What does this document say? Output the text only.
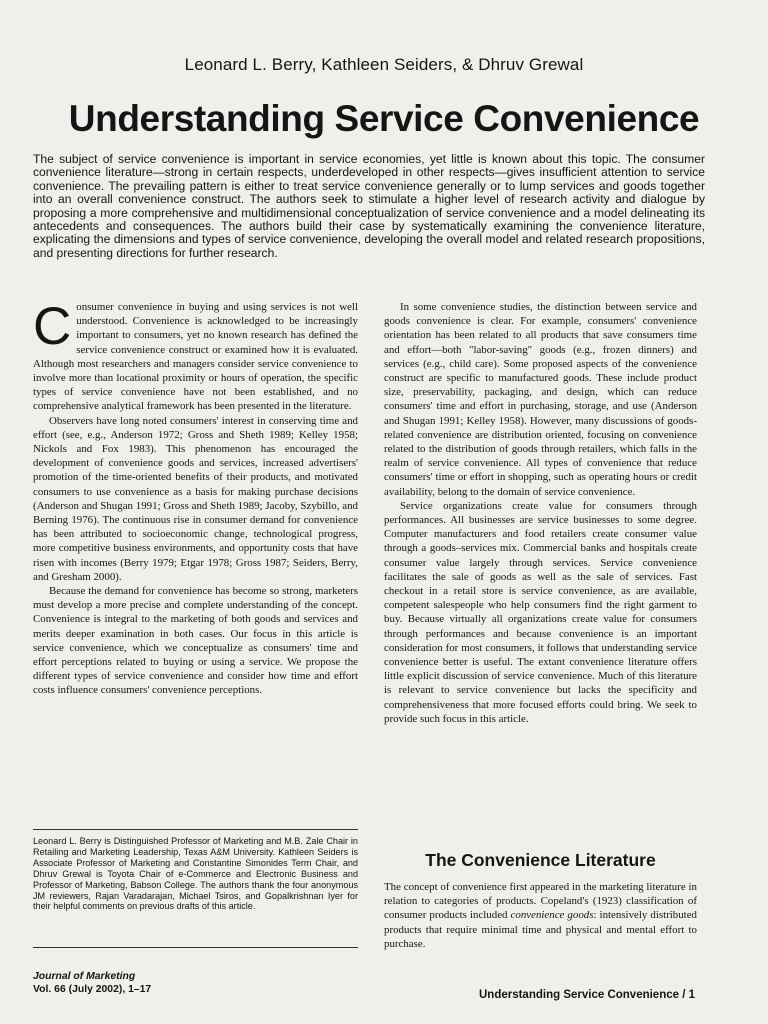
Leonard L. Berry, Kathleen Seiders, & Dhruv Grewal
Understanding Service Convenience
The subject of service convenience is important in service economies, yet little is known about this topic. The consumer convenience literature—strong in certain respects, underdeveloped in other respects—gives insufficient attention to service convenience. The prevailing pattern is either to treat service convenience generally or to lump services and goods together into an overall convenience construct. The authors seek to stimulate a higher level of research activity and dialogue by proposing a more comprehensive and multidimensional conceptualization of service convenience and a model delineating its antecedents and consequences. The authors build their case by systematically examining the convenience literature, explicating the dimensions and types of service convenience, developing the overall model and related research propositions, and presenting directions for further research.

Consumer convenience in buying and using services is not well understood. Convenience is acknowledged to be increasingly important to consumers, yet no known research has defined the service convenience construct or examined how it is evaluated. Although most researchers and managers consider service convenience to involve more than locational proximity or hours of operation, the specific types of service convenience have not been established, and no comprehensive analytical framework has been presented in the literature.

Observers have long noted consumers' interest in conserving time and effort (see, e.g., Anderson 1972; Gross and Sheth 1989; Kelley 1958; Nickols and Fox 1983). This phenomenon has encouraged the development of convenience goods and services, increased advertisers' promotion of the time-oriented benefits of their products, and motivated consumers to use convenience as a basis for making purchase decisions (Anderson and Shugan 1991; Gross and Sheth 1989; Jacoby, Szybillo, and Berning 1976). The continuous rise in consumer demand for convenience has been attributed to socioeconomic change, technological progress, more competitive business environments, and opportunity costs that have risen with incomes (Berry 1979; Etgar 1978; Gross 1987; Seiders, Berry, and Gresham 2000).

Because the demand for convenience has become so strong, marketers must develop a more precise and complete understanding of the concept. Convenience is integral to the marketing of both goods and services and merits deeper examination in both cases. Our focus in this article is service convenience, which we conceptualize as consumers' time and effort perceptions related to buying or using a service. We propose the different types of service convenience and consider how time and effort costs influence consumers' convenience perceptions.

Leonard L. Berry is Distinguished Professor of Marketing and M.B. Zale Chair in Retailing and Marketing Leadership, Texas A&M University. Kathleen Seiders is Associate Professor of Marketing and Constantine Simonides Term Chair, and Dhruv Grewal is Toyota Chair of e-Commerce and Electronic Business and Professor of Marketing, Babson College. The authors thank the four anonymous JM reviewers, Rajan Varadarajan, Michael Tsiros, and Gopalkrishnan Iyer for their helpful comments on previous drafts of this article.

In some convenience studies, the distinction between service and goods convenience is clear. For example, consumers' convenience orientation has been related to all products that save consumers time and effort—both "labor-saving" goods (e.g., frozen dinners) and services (e.g., child care). Some proposed aspects of the convenience construct are specific to manufactured goods. These include product size, preservability, packaging, and design, which can reduce consumers' time and effort in purchasing, storage, and use (Anderson and Shugan 1991; Kelley 1958). However, many discussions of goods-related convenience are distribution oriented, focusing on convenience related to the distribution of goods through retailers, which falls in the realm of service convenience. All types of convenience that reduce consumers' time or effort in shopping, such as operating hours or credit availability, belong to the domain of service convenience.

Service organizations create value for consumers through performances. All businesses are service businesses to some degree. Computer manufacturers and food retailers create consumer value through a goods–services mix. Commercial banks and hospitals create consumer value largely through services. Service convenience facilitates the sale of goods as well as the sale of services. Fast checkout in a retail store is service convenience, as are available, competent salespeople who help consumers find the right garment to buy. Because virtually all organizations create value for consumers through performances and because convenience is an important consideration for most consumers, it follows that understanding service convenience better is useful. The extant convenience literature offers little explicit discussion of service convenience. Much of this literature is relevant to service convenience but lacks the specificity and comprehensiveness that more focused efforts could bring. We seek to provide such focus in this article.

The Convenience Literature

The concept of convenience first appeared in the marketing literature in relation to categories of products. Copeland's (1923) classification of consumer products included convenience goods: intensively distributed products that require minimal time and physical and mental effort to purchase.

Journal of Marketing
Vol. 66 (July 2002), 1–17	Understanding Service Convenience / 1
